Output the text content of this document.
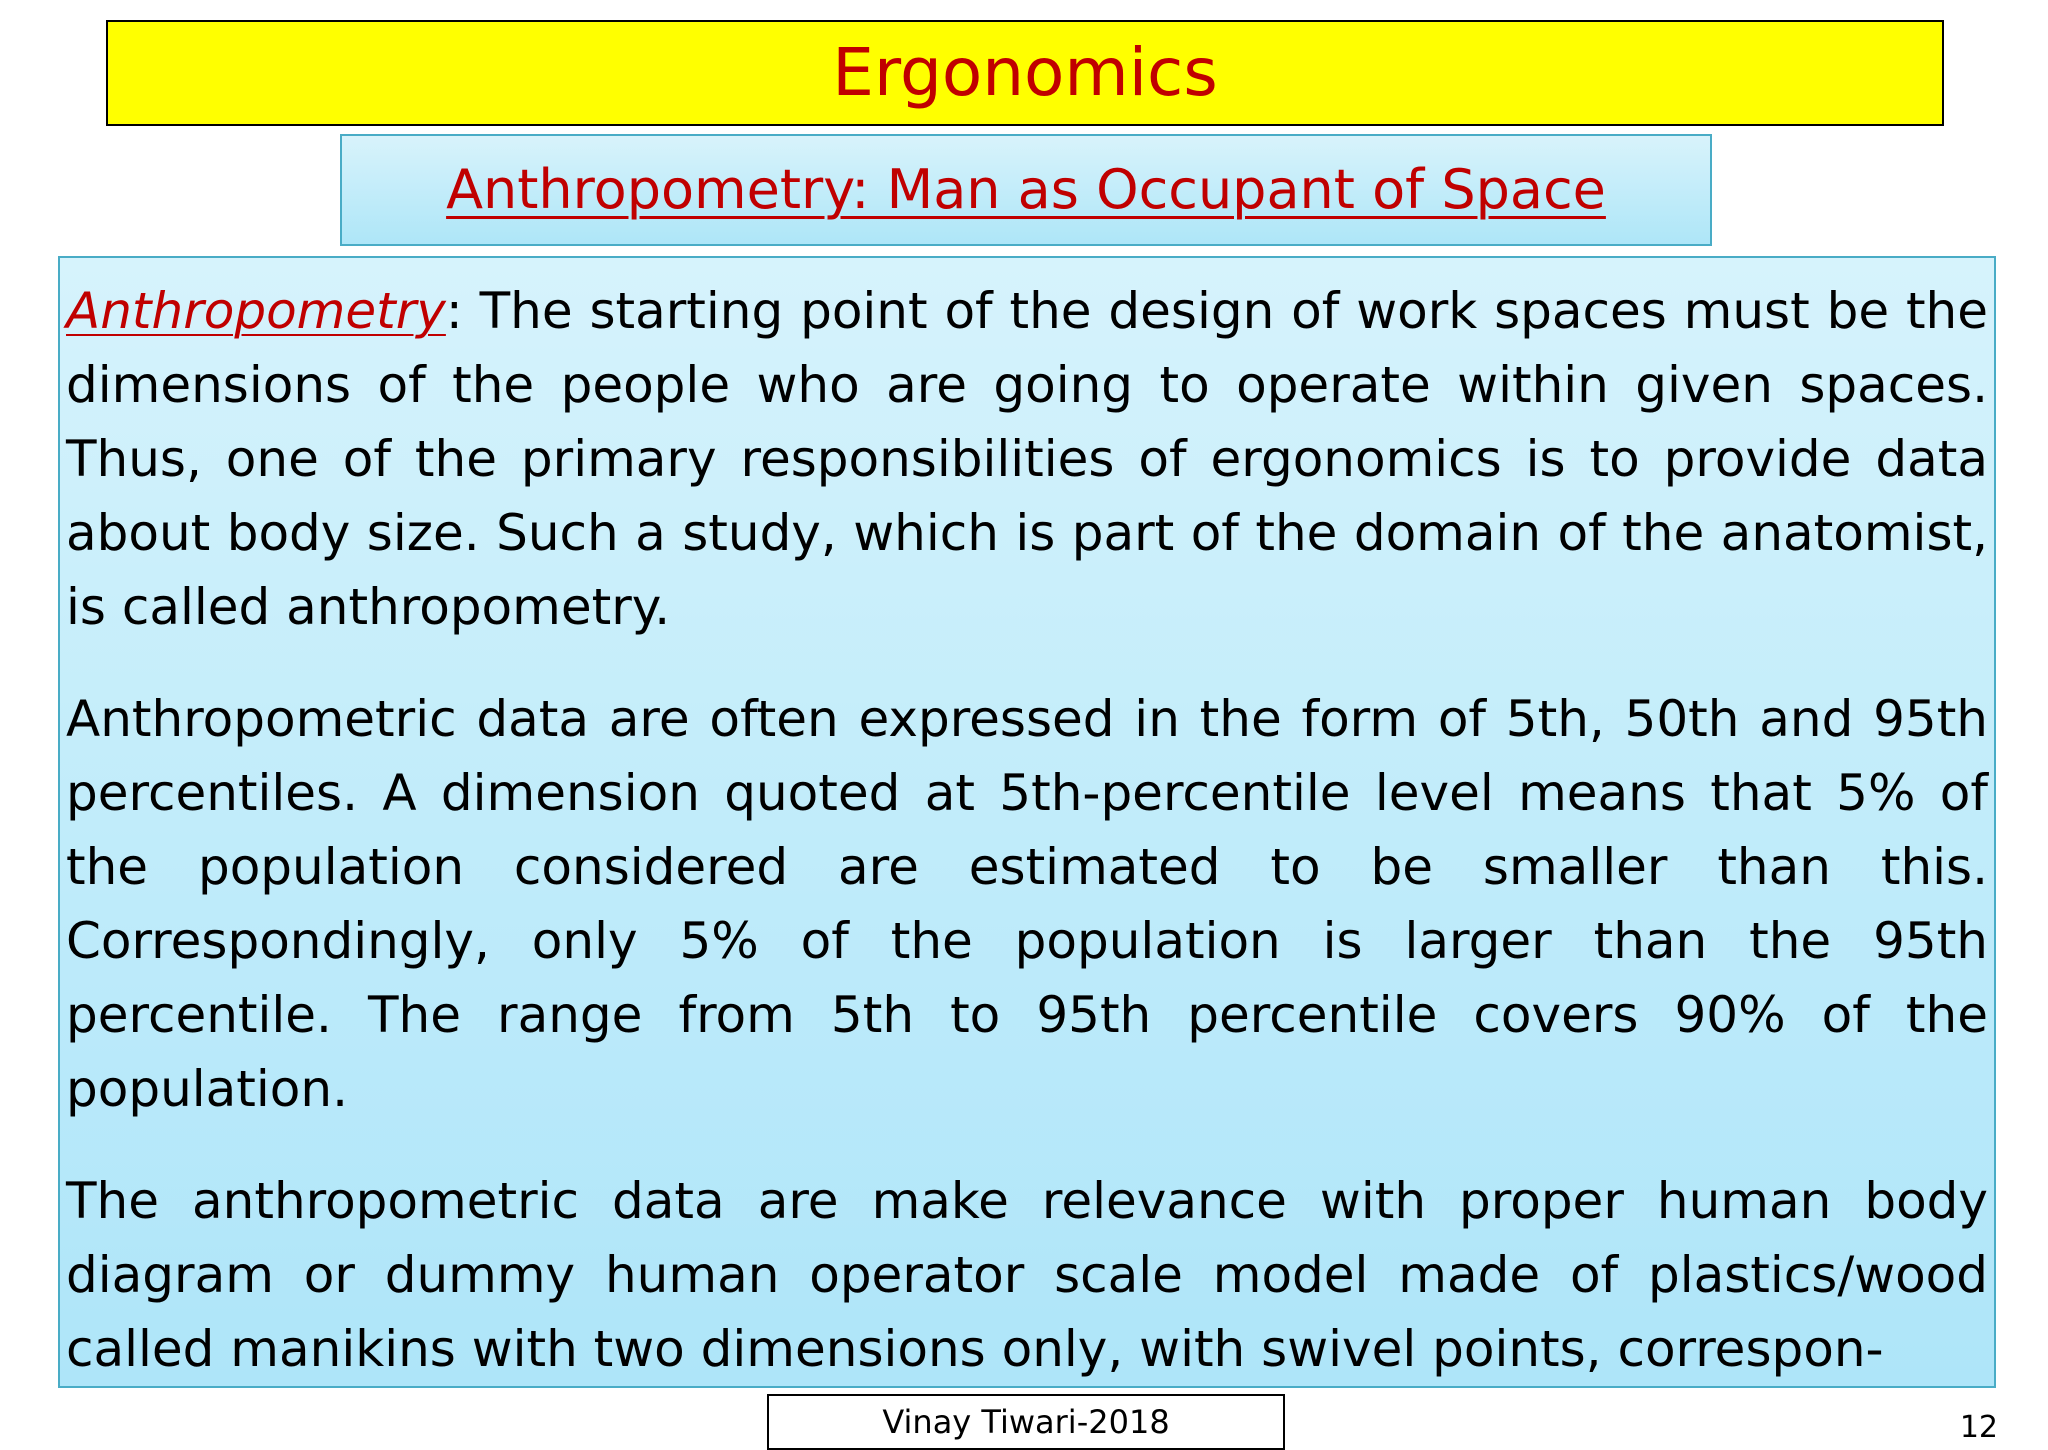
Ergonomics
Anthropometry: Man as Occupant of Space

Anthropometry: The starting point of the design of work spaces must be the dimensions of the people who are going to operate within given spaces. Thus, one of the primary responsibilities of ergonomics is to provide data about body size. Such a study, which is part of the domain of the anatomist, is called anthropometry.

Anthropometric data are often expressed in the form of 5th, 50th and 95th percentiles. A dimension quoted at 5th-percentile level means that 5% of the population considered are estimated to be smaller than this. Correspondingly, only 5% of the population is larger than the 95th percentile. The range from 5th to 95th percentile covers 90% of the population.

The anthropometric data are make relevance with proper human body diagram or dummy human operator scale model made of plastics/wood called manikins with two dimensions only, with swivel points, correspon-

Vinay Tiwari-2018	12
